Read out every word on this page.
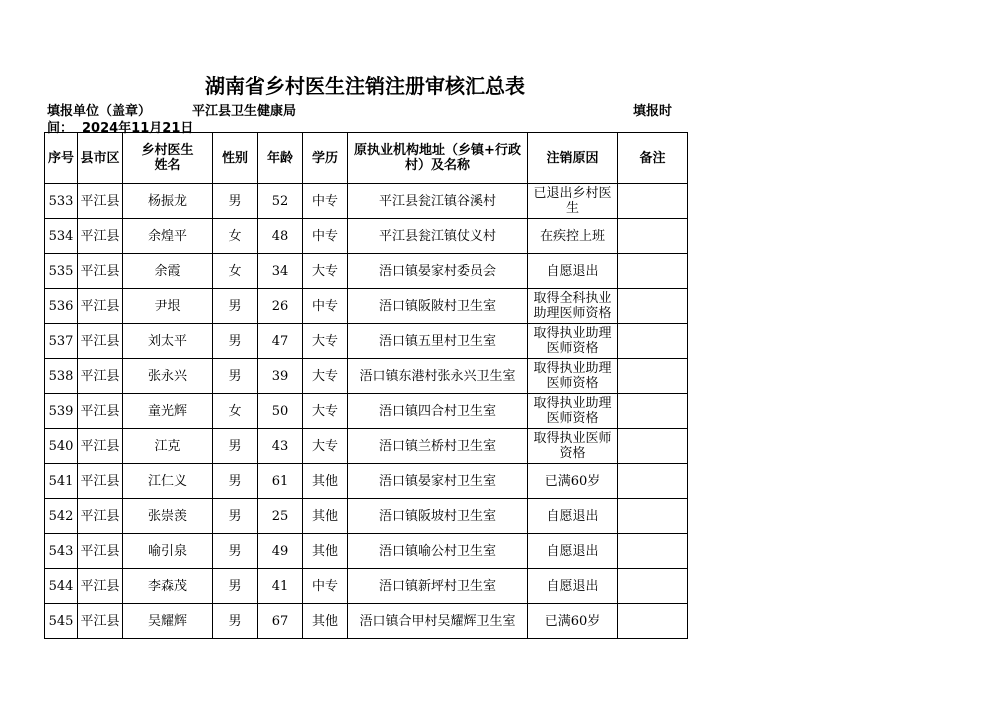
湖南省乡村医生注销注册审核汇总表
填报单位（盖章）	平江县卫生健康局	填报时
间： 2024年11月21日
序号	县市区	乡村医生姓名	性别	年龄	学历	原执业机构地址（乡镇+行政村）及名称	注销原因	备注
533	平江县	杨振龙	男	52	中专	平江县瓮江镇谷溪村	已退出乡村医生	
534	平江县	余煌平	女	48	中专	平江县瓮江镇仗义村	在疾控上班	
535	平江县	余霞	女	34	大专	浯口镇晏家村委员会	自愿退出	
536	平江县	尹垠	男	26	中专	浯口镇阪陂村卫生室	取得全科执业助理医师资格	
537	平江县	刘太平	男	47	大专	浯口镇五里村卫生室	取得执业助理医师资格	
538	平江县	张永兴	男	39	大专	浯口镇东港村张永兴卫生室	取得执业助理医师资格	
539	平江县	童光辉	女	50	大专	浯口镇四合村卫生室	取得执业助理医师资格	
540	平江县	江克	男	43	大专	浯口镇兰桥村卫生室	取得执业医师资格	
541	平江县	江仁义	男	61	其他	浯口镇晏家村卫生室	已满60岁	
542	平江县	张崇羡	男	25	其他	浯口镇阪坡村卫生室	自愿退出	
543	平江县	喻引泉	男	49	其他	浯口镇喻公村卫生室	自愿退出	
544	平江县	李森茂	男	41	中专	浯口镇新坪村卫生室	自愿退出	
545	平江县	吴耀辉	男	67	其他	浯口镇合甲村吴耀辉卫生室	已满60岁	
